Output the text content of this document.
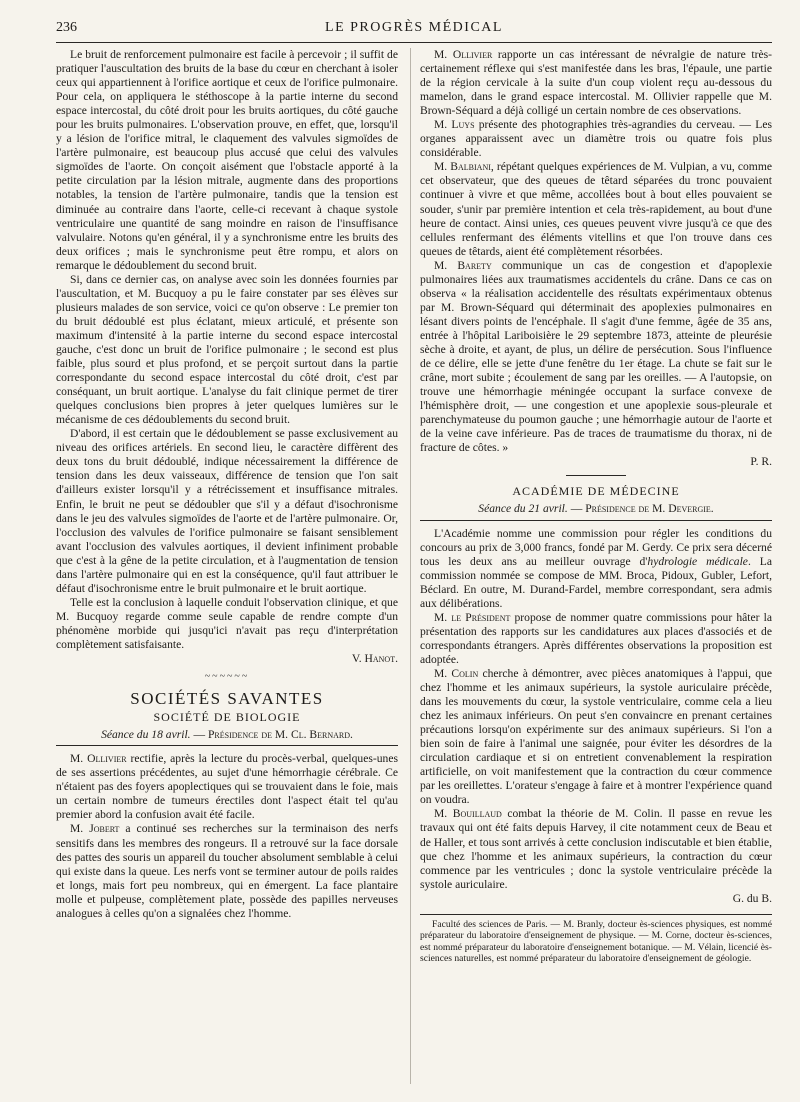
236	LE PROGRÈS MÉDICAL

Le bruit de renforcement pulmonaire est facile à percevoir ; il suffit de pratiquer l'auscultation des bruits de la base du cœur en cherchant à isoler ceux qui appartiennent à l'orifice aortique et ceux de l'orifice pulmonaire. Pour cela, on appliquera le stéthoscope à la partie interne du second espace intercostal, du côté droit pour les bruits aortiques, du côté gauche pour les bruits pulmonaires. L'observation prouve, en effet, que, lorsqu'il y a lésion de l'orifice mitral, le claquement des valvules sigmoïdes de l'artère pulmonaire, est beaucoup plus accusé que celui des valvules sigmoïdes de l'aorte. On conçoit aisément que l'obstacle apporté à la petite circulation par la lésion mitrale, augmente dans des proportions notables, la tension de l'artère pulmonaire, tandis que la tension est diminuée au contraire dans l'aorte, celle-ci recevant à chaque systole ventriculaire une quantité de sang moindre en raison de l'insuffisance valvulaire. Notons qu'en général, il y a synchronisme entre les bruits des deux orifices ; mais le synchronisme peut être rompu, et alors on remarque le dédoublement du second bruit.

Si, dans ce dernier cas, on analyse avec soin les données fournies par l'auscultation, et M. Bucquoy a pu le faire constater par ses élèves sur plusieurs malades de son service, voici ce qu'on observe : Le premier ton du bruit dédoublé est plus éclatant, mieux articulé, et présente son maximum d'intensité à la partie interne du second espace intercostal gauche, c'est donc un bruit de l'orifice pulmonaire ; le second est plus faible, plus sourd et plus profond, et se perçoit surtout dans la partie correspondante du second espace intercostal du côté droit, c'est par conséquant, un bruit aortique. L'analyse du fait clinique permet de tirer quelques conclusions bien propres à jeter quelques lumières sur le mécanisme de ces dédoublements du second bruit.

D'abord, il est certain que le dédoublement se passe exclusivement au niveau des orifices artériels. En second lieu, le caractère diffèrent des deux tons du bruit dédoublé, indique nécessairement la différence de tension dans les deux vaisseaux, différence de tension que l'on sait d'ailleurs exister lorsqu'il y a rétrécissement et insuffisance mitrales. Enfin, le bruit ne peut se dédoubler que s'il y a défaut d'isochronisme dans le jeu des valvules sigmoïdes de l'aorte et de l'artère pulmonaire. Or, l'occlusion des valvules de l'orifice pulmonaire se faisant sensiblement avant l'occlusion des valvules aortiques, il devient infiniment probable que c'est à la gêne de la petite circulation, et à l'augmentation de tension dans l'artère pulmonaire qui en est la conséquence, qu'il faut attribuer le défaut d'isochronisme entre le bruit pulmonaire et le bruit aortique.

Telle est la conclusion à laquelle conduit l'observation clinique, et que M. Bucquoy regarde comme seule capable de rendre compte d'un phénomène morbide qui jusqu'ici n'avait pas reçu d'interprétation complètement satisfaisante.

V. Hanot.
~~~~~~
SOCIÉTÉS SAVANTES
SOCIÉTÉ DE BIOLOGIE
Séance du 18 avril. — Présidence de M. Cl. Bernard.

M. Ollivier rectifie, après la lecture du procès-verbal, quelques-unes de ses assertions précédentes, au sujet d'une hémorrhagie cérébrale. Ce n'étaient pas des foyers apoplectiques qui se trouvaient dans le foie, mais un certain nombre de tumeurs érectiles dont l'aspect était tel qu'au premier abord la confusion avait été facile.

M. Jobert a continué ses recherches sur la terminaison des nerfs sensitifs dans les membres des rongeurs. Il a retrouvé sur la face dorsale des pattes des souris un appareil du toucher absolument semblable à celui qui existe dans la queue. Les nerfs vont se terminer autour de poils raides et longs, mais fort peu nombreux, qui en émergent. La face plantaire molle et pulpeuse, complètement plate, possède des papilles nerveuses analogues à celles qu'on a signalées chez l'homme.

M. Ollivier rapporte un cas intéressant de névralgie de nature très-certainement réflexe qui s'est manifestée dans les bras, l'épaule, une partie de la région cervicale à la suite d'un coup violent reçu au-dessous du mamelon, dans le grand espace intercostal. M. Ollivier rappelle que M. Brown-Séquard a déjà colligé un certain nombre de ces observations.

M. Luys présente des photographies très-agrandies du cerveau. — Les organes apparaissent avec un diamètre trois ou quatre fois plus considérable.

M. Balbiani, répétant quelques expériences de M. Vulpian, a vu, comme cet observateur, que des queues de têtard séparées du tronc pouvaient continuer à vivre et que même, accollées bout à bout elles pouvaient se souder, s'unir par première intention et cela très-rapidement, au bout d'une heure de contact. Ainsi unies, ces queues peuvent vivre jusqu'à ce que des cellules renfermant des éléments vitellins et que l'on trouve dans ces queues de têtards, aient été complètement résorbées.

M. Barety communique un cas de congestion et d'apoplexie pulmonaires liées aux traumatismes accidentels du crâne. Dans ce cas on observa « la réalisation accidentelle des résultats expérimentaux obtenus par M. Brown-Séquard qui déterminait des apoplexies pulmonaires en lésant divers points de l'encéphale. Il s'agit d'une femme, âgée de 35 ans, entrée à l'hôpital Lariboisière le 29 septembre 1873, atteinte de pleurésie sèche à droite, et ayant, de plus, un délire de persécution. Sous l'influence de ce délire, elle se jette d'une fenêtre du 1er étage. La chute se fait sur le crâne, mort subite ; écoulement de sang par les oreilles. — A l'autopsie, on trouve une hémorrhagie méningée occupant la surface convexe de l'hémisphère droit, — une congestion et une apoplexie sous-pleurale et parenchymateuse du poumon gauche ; une hémorrhagie autour de l'aorte et de la veine cave inférieure. Pas de traces de traumatisme du thorax, ni de fracture de côtes. »

P. R.
ACADÉMIE DE MÉDECINE
Séance du 21 avril. — Présidence de M. Devergie.

L'Académie nomme une commission pour régler les conditions du concours au prix de 3,000 francs, fondé par M. Gerdy. Ce prix sera décerné tous les deux ans au meilleur ouvrage d'hydrologie médicale. La commission nommée se compose de MM. Broca, Pidoux, Gubler, Lefort, Béclard. En outre, M. Durand-Fardel, membre correspondant, sera admis aux délibérations.

M. le Président propose de nommer quatre commissions pour hâter la présentation des rapports sur les candidatures aux places d'associés et de correspondants étrangers. Après différentes observations la proposition est adoptée.

M. Colin cherche à démontrer, avec pièces anatomiques à l'appui, que chez l'homme et les animaux supérieurs, la systole auriculaire précède, dans les mouvements du cœur, la systole ventriculaire, comme cela a lieu chez les animaux inférieurs. On peut s'en convaincre en prenant certaines précautions lorsqu'on expérimente sur des animaux supérieurs. Si l'on a bien soin de faire à l'animal une saignée, pour éviter les désordres de la circulation cardiaque et si on entretient convenablement la respiration artificielle, on voit manifestement que la contraction du cœur commence par les oreillettes. L'orateur s'engage à faire et à montrer l'expérience quand on voudra.

M. Bouillaud combat la théorie de M. Colin. Il passe en revue les travaux qui ont été faits depuis Harvey, il cite notamment ceux de Beau et de Haller, et tous sont arrivés à cette conclusion indiscutable et bien établie, que chez l'homme et les animaux supérieurs, la contraction du cœur commence par les ventricules ; donc la systole ventriculaire précède la systole auriculaire.

G. du B.

Faculté des sciences de Paris. — M. Branly, docteur ès-sciences physiques, est nommé préparateur du laboratoire d'enseignement de physique. — M. Corne, docteur ès-sciences, est nommé préparateur du laboratoire d'enseignement botanique. — M. Vélain, licencié ès-sciences naturelles, est nommé préparateur du laboratoire d'enseignement de géologie.
